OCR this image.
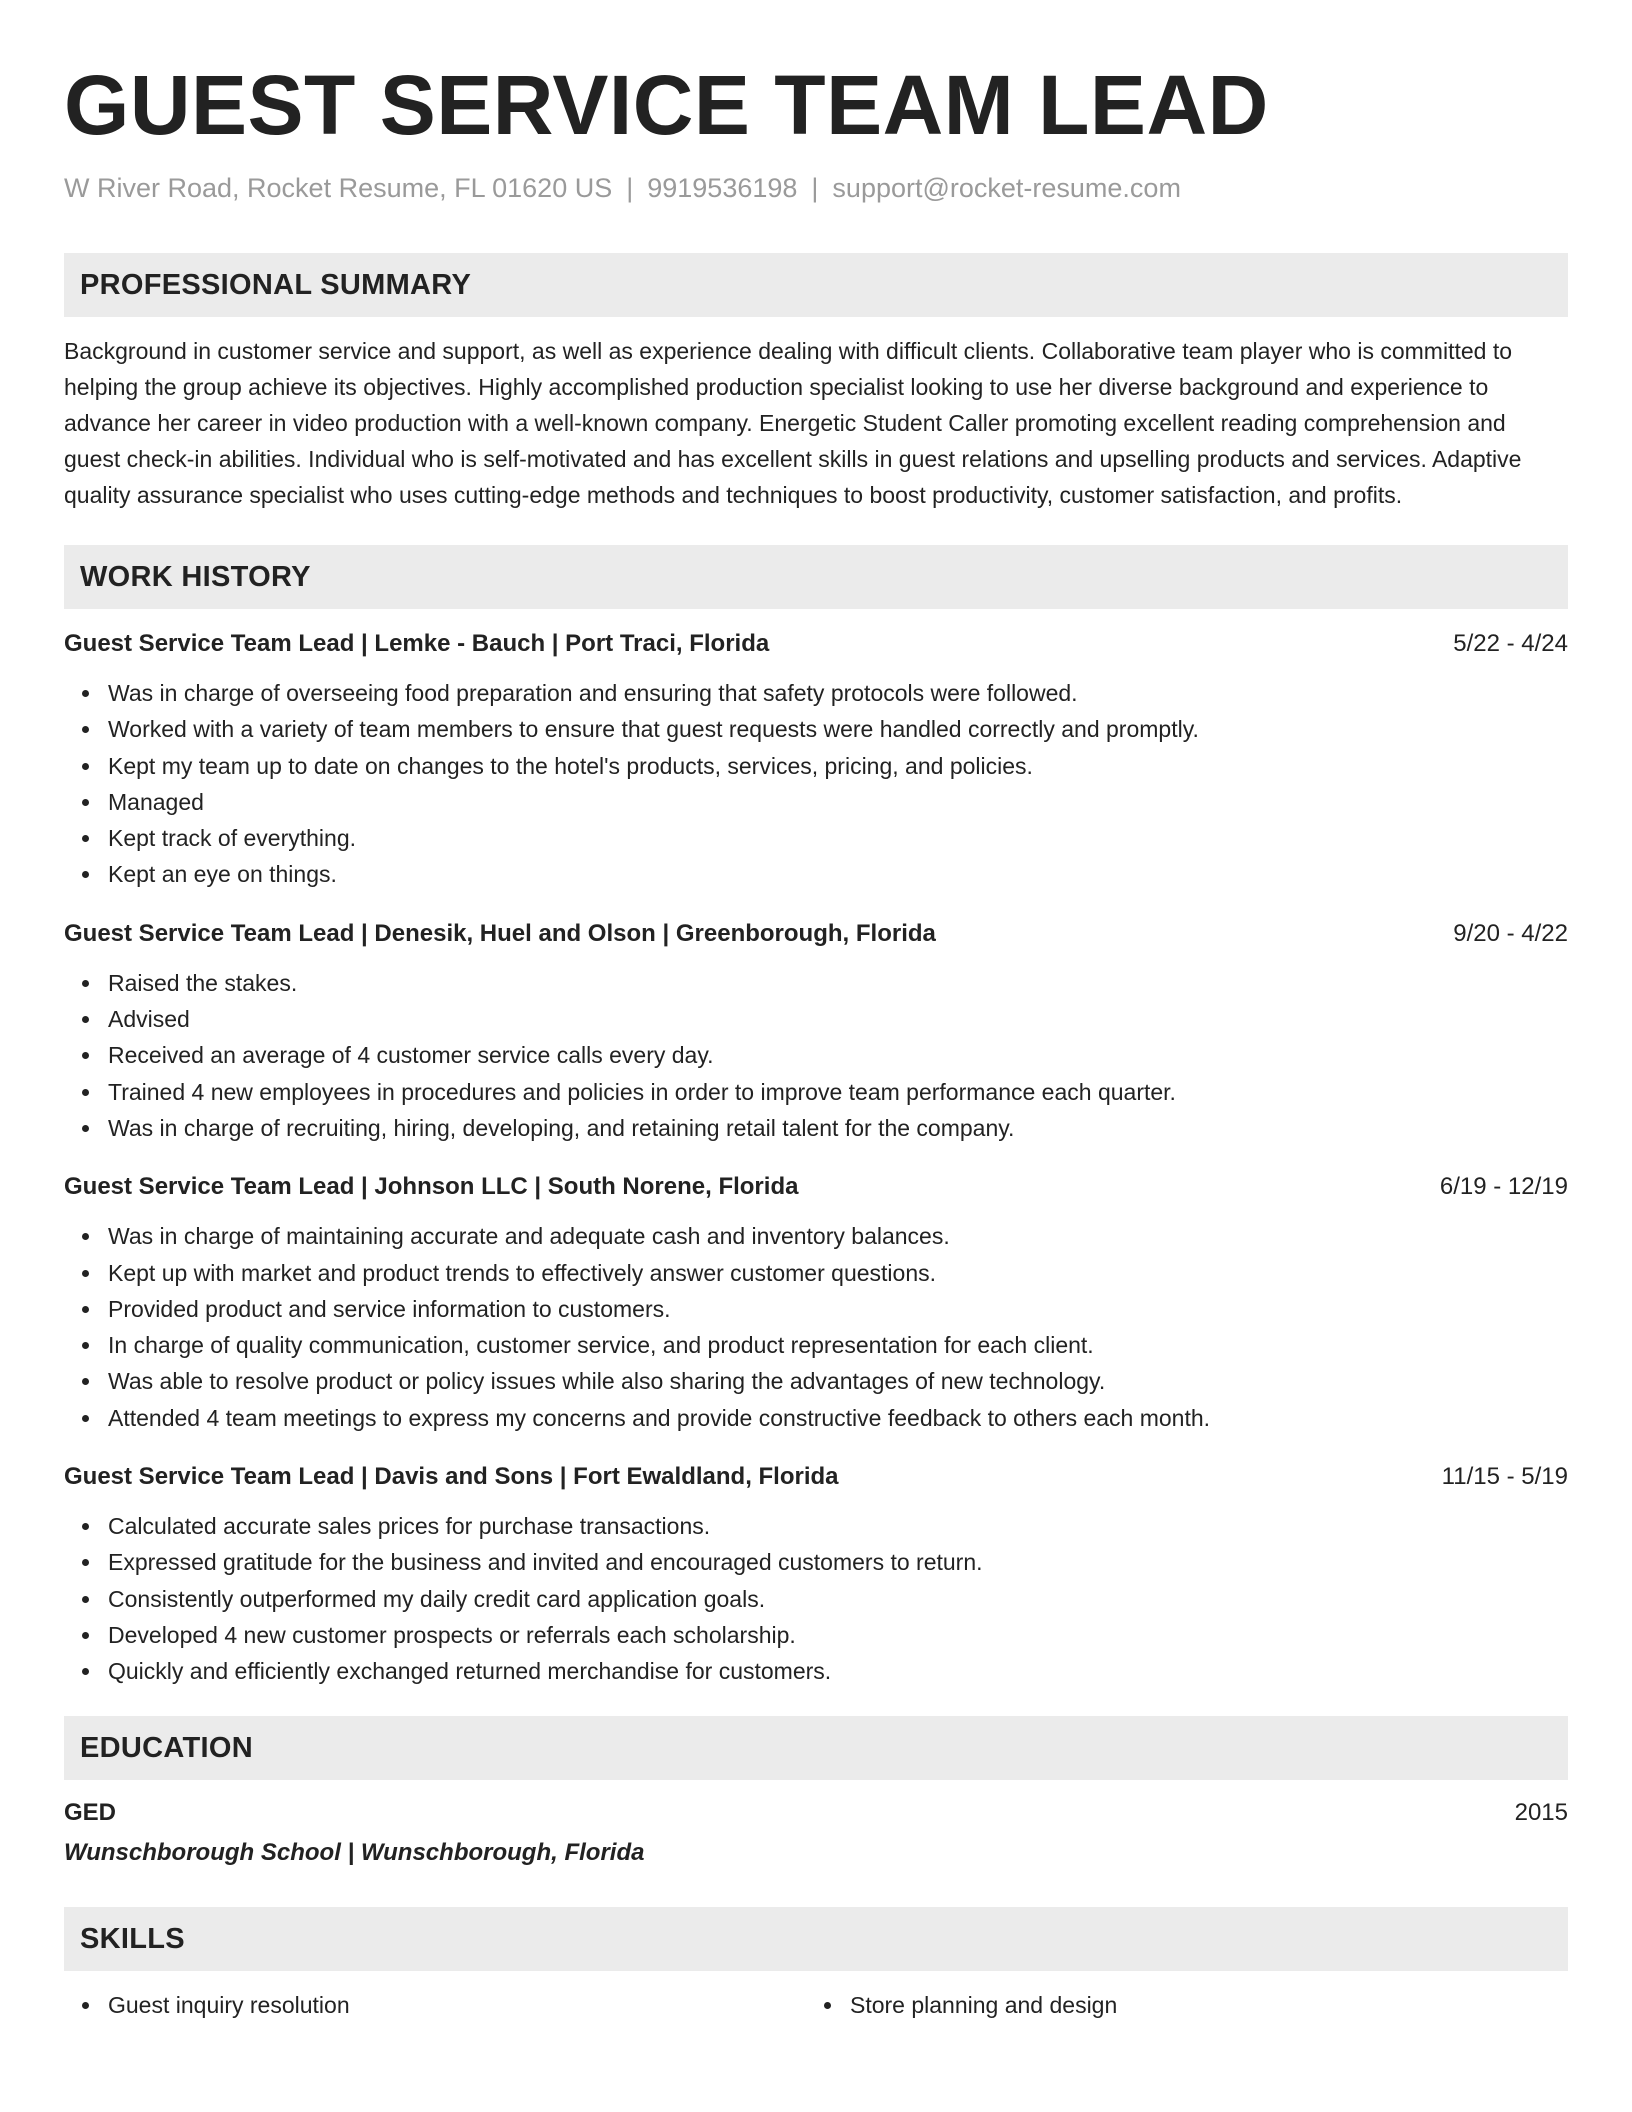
GUEST SERVICE TEAM LEAD
W River Road, Rocket Resume, FL 01620 US | 9919536198 | support@rocket-resume.com
PROFESSIONAL SUMMARY
Background in customer service and support, as well as experience dealing with difficult clients. Collaborative team player who is committed to helping the group achieve its objectives. Highly accomplished production specialist looking to use her diverse background and experience to advance her career in video production with a well-known company. Energetic Student Caller promoting excellent reading comprehension and guest check-in abilities. Individual who is self-motivated and has excellent skills in guest relations and upselling products and services. Adaptive quality assurance specialist who uses cutting-edge methods and techniques to boost productivity, customer satisfaction, and profits.
WORK HISTORY
Guest Service Team Lead | Lemke - Bauch | Port Traci, Florida	5/22 - 4/24
Was in charge of overseeing food preparation and ensuring that safety protocols were followed.
Worked with a variety of team members to ensure that guest requests were handled correctly and promptly.
Kept my team up to date on changes to the hotel's products, services, pricing, and policies.
Managed
Kept track of everything.
Kept an eye on things.
Guest Service Team Lead | Denesik, Huel and Olson | Greenborough, Florida	9/20 - 4/22
Raised the stakes.
Advised
Received an average of 4 customer service calls every day.
Trained 4 new employees in procedures and policies in order to improve team performance each quarter.
Was in charge of recruiting, hiring, developing, and retaining retail talent for the company.
Guest Service Team Lead | Johnson LLC | South Norene, Florida	6/19 - 12/19
Was in charge of maintaining accurate and adequate cash and inventory balances.
Kept up with market and product trends to effectively answer customer questions.
Provided product and service information to customers.
In charge of quality communication, customer service, and product representation for each client.
Was able to resolve product or policy issues while also sharing the advantages of new technology.
Attended 4 team meetings to express my concerns and provide constructive feedback to others each month.
Guest Service Team Lead | Davis and Sons | Fort Ewaldland, Florida	11/15 - 5/19
Calculated accurate sales prices for purchase transactions.
Expressed gratitude for the business and invited and encouraged customers to return.
Consistently outperformed my daily credit card application goals.
Developed 4 new customer prospects or referrals each scholarship.
Quickly and efficiently exchanged returned merchandise for customers.
EDUCATION
GED	2015
Wunschborough School | Wunschborough, Florida
SKILLS
Guest inquiry resolution	Store planning and design
